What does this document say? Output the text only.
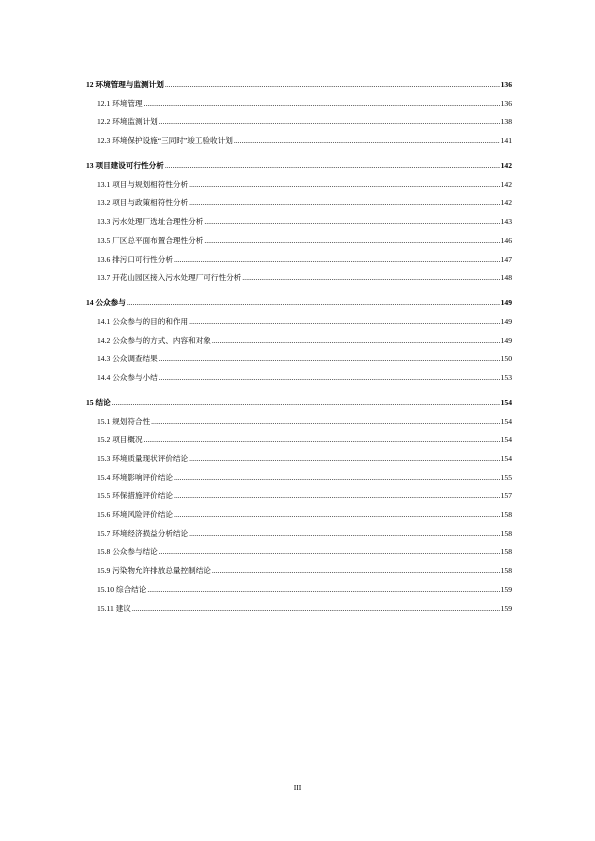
12 环境管理与监测计划 .....	136
12.1 环境管理 .....	136
12.2 环境监测计划 .....	138
12.3 环境保护设施“三同时”竣工验收计划 .....	141
13 项目建设可行性分析 .....	142
13.1 项目与规划相符性分析 .....	142
13.2 项目与政策相符性分析 .....	142
13.3 污水处理厂选址合理性分析 .....	143
13.5 厂区总平面布置合理性分析 .....	146
13.6 排污口可行性分析 .....	147
13.7 开花山园区接入污水处理厂可行性分析 .....	148
14 公众参与 .....	149
14.1 公众参与的目的和作用 .....	149
14.2 公众参与的方式、内容和对象 .....	149
14.3 公众调查结果 .....	150
14.4 公众参与小结 .....	153
15 结论 .....	154
15.1 规划符合性 .....	154
15.2 项目概况 .....	154
15.3 环境质量现状评价结论 .....	154
15.4 环境影响评价结论 .....	155
15.5 环保措施评价结论 .....	157
15.6 环境风险评价结论 .....	158
15.7 环境经济损益分析结论 .....	158
15.8 公众参与结论 .....	158
15.9 污染物允许排放总量控制结论 .....	158
15.10 综合结论 .....	159
15.11 建议 .....	159
III
